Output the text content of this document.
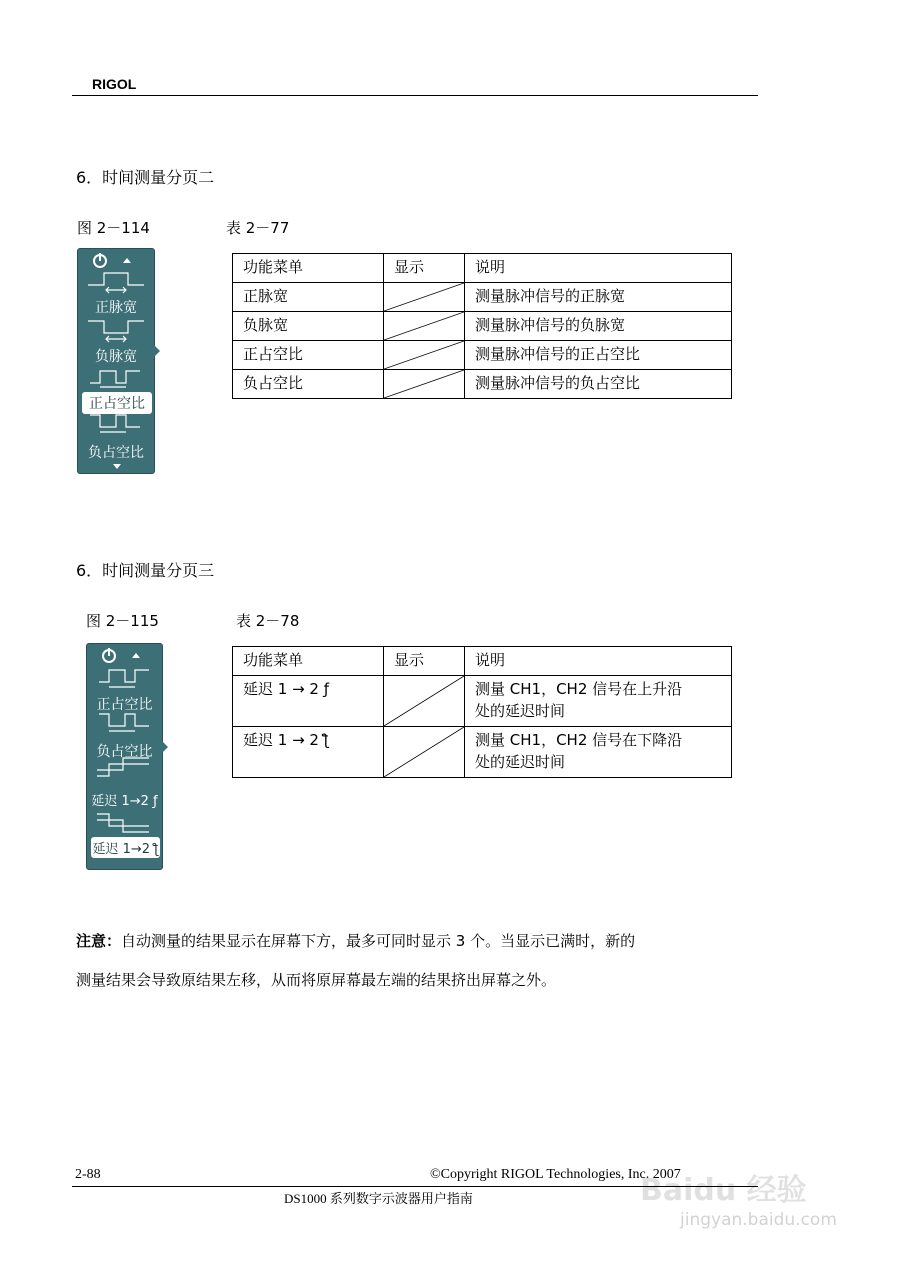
RIGOL
6．时间测量分页二
图 2－114	表 2－77
正脉宽
负脉宽
正占空比
负占空比
功能菜单	显示	说明
正脉宽		测量脉冲信号的正脉宽
负脉宽		测量脉冲信号的负脉宽
正占空比		测量脉冲信号的正占空比
负占空比		测量脉冲信号的负占空比
6．时间测量分页三
图 2－115	表 2－78
正占空比
负占空比
延迟 1→2 ƒ
延迟 1→2 ƪ
功能菜单	显示	说明
延迟 1 → 2 ƒ		测量 CH1，CH2 信号在上升沿
处的延迟时间

延迟 1 → 2 ƪ		测量 CH1，CH2 信号在下降沿
处的延迟时间
注意：自动测量的结果显示在屏幕下方，最多可同时显示 3 个。当显示已满时，新的
测量结果会导致原结果左移，从而将原屏幕最左端的结果挤出屏幕之外。
2-88	©Copyright RIGOL Technologies, Inc. 2007
DS1000 系列数字示波器用户指南	Baidu 经验
jingyan.baidu.com
